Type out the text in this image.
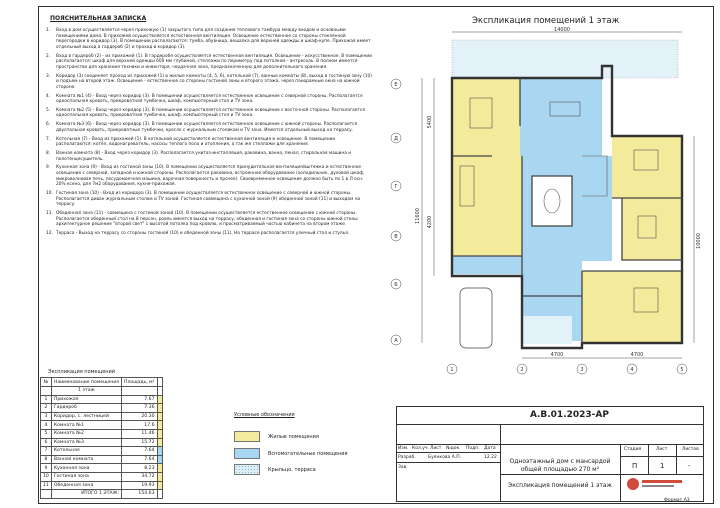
ПОЯСНИТЕЛЬНАЯ ЗАПИСКА
1.	Вход в дом осуществляется через прихожую (1) закрытого типа для создания теплового тамбура между входом и основными помещениями дома. В прихожей осуществляется естественная вентиляция. Освещение естественное со стороны стеклянной перегородки в коридор (3). В помещении располагаются: тумба, обувница, вешалка для верхней одежды и шкаф-купе. Прихожая имеет отдельный выход в гардероб (2) и проход в коридор (3).
2.	Вход в гардероб (2) - из прихожей (1). В гардеробе осуществляется естественная вентиляция. Освещение - искусственное. В помещении располагается: шкаф для верхней одежды 600 мм глубиной, стеллажи по периметру под потолком - антресоль. В полном имеется пространство для хранения техники и инвентаря, чердачная зона, предназначенную для дополнительного хранения.
3.	Коридор (3) соединяет проход из прихожей (1) в жилые комнаты (4, 5, 6), котельной (7), ванные комнаты (8), выход в гостиную зону (10) и подъем на второй этаж. Освещение - естественное со стороны гостиной зоны и второго этажа, через панорамные окна на южной стороне.
4.	Комната №1 (4) - Вход через коридор (3). В помещении осуществляется естественное освещение с северной стороны. Располагается односпальная кровать, прикроватная тумбочка, шкаф, компьютерный стол и TV зона.
5.	Комната №2 (5) - Вход через коридор (3). В помещении осуществляется естественное освещение с восточной стороны. Располагается односпальная кровать, прикроватная тумбочка, шкаф, компьютерный стол и TV зона.
6.	Комната №3 (6) - Вход через коридор (3). В помещении осуществляется естественное освещение с южной стороны. Располагается двуспальная кровать, прикроватные тумбочки, кресло с журнальным столиком и TV зона. Имеется отдельный выход на террасу.
7.	Котельная (7) - Вход из прихожей (1). В котельной осуществляется естественная вентиляция и освещение. В помещении располагаются: котёл, водонагреватель, насосы теплого пола и отопления, а так же стеллажи для хранения.
8.	Ванная комната (8) - Вход через коридор (3). Располагается унитаз-инсталляция, раковина, ванна, пенал, стиральная машина и полотенцесушитель.
9.	Кухонная зона (9) - Вход из гостиной зоны (10). В помещении осуществляется принудительная вентиляция/вытяжка и естественное освещение с северной, западной и южной стороны. Располагается раковина, встроенное оборудование (холодильник, духовой шкаф, микроволновая печь, посудомоечная машина, варочная поверхность и прочее). Своевременное освещение должно быть по 1 в Л осн. 20% ксено, для 7м2 оборудования, кухня-прихожая.
10. Гостиная зона (10) - Вход из коридора (3). В помещении осуществляется естественное освещение с северной и южной стороны. Располагается диван журнальным столом и TV зоной. Гостиная совмещена с кухонной зоной (9) обеденной зоной (11) и выходом на террасу.
11. Обеденная зона (11) - совмещена с гостиной зоной (10). В помещении осуществляется естественное освещение с южной стороны. Располагается обеденный стол на 8 персон, рояль имеется выход на террасу, обеденная и гостиная зона со стороны южной стены архитектурное решение "второй свет" с высотой потолка под кровлю, и просматриваемый частью кабинета на втором этаже.
12. Терраса - Выход на террасу со стороны гостиной (10) и обеденной зоны (11). На террасе располагается уличный стол и стулья.
Экспликация помещений
№	Наименование помещения	Площадь, м²	
	1 этаж		
1	Прихожая	7.67	
2	Гардероб	7.36	
3	Коридор, с. лестницей	20.30	
4	Комната №1	17.6	
5	Комната №2	11.46	
6	Комната №3	15.72	
7	Котельная	7.64	
8	Ванная комната	7.64	
9	Кухонная зона	8.23	
10	Гостиная зона	34.72	
11	Обеденная зона	19.93	
	ИТОГО 1 ЭТАЖ:	154.63	
Условные обозначения
Жилые помещения
Вспомогательные помещения
Крыльцо, терраса
Экспликация помещений 1 этаж
14000
11600
5400
4200
4700	4700
10000
Е
Д
Г
В
Б
А
1	2	3	4	5
А.В.01.2023-АР
Изм. Кол.уч. Лист №док. Подп. Дата
Разраб.	Буянкова А.П.	12.22
Зав.
Одноэтажный дом с мансардой общей площадью 270 м²
Экспликация помещений 1 этаж
Стадия	Лист	Листов
П	1	-
Формат А3
